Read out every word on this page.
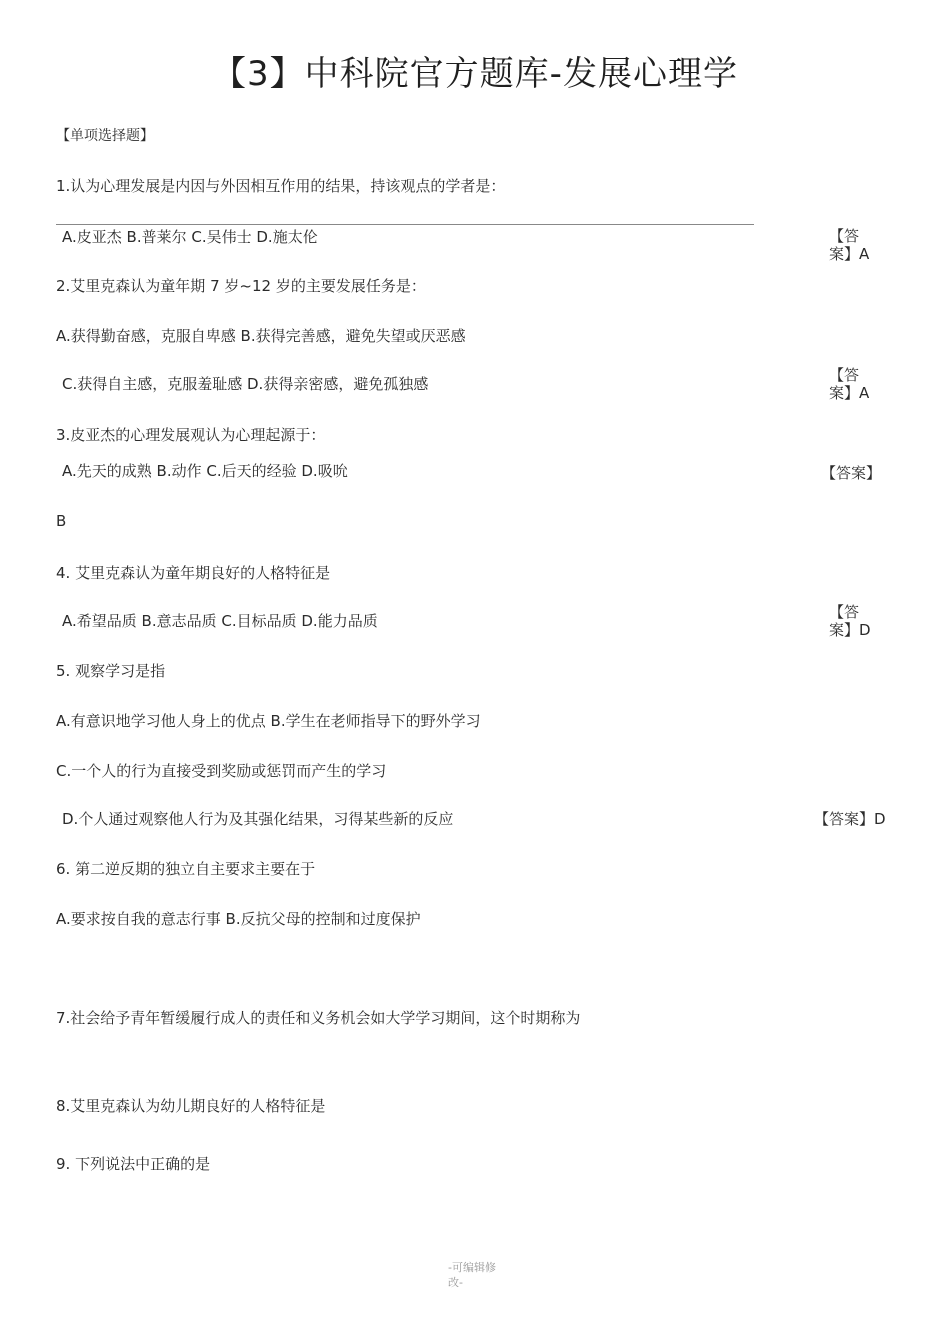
【3】中科院官方题库-发展心理学
【单项选择题】
1.认为心理发展是内因与外因相互作用的结果，持该观点的学者是：
A.皮亚杰 B.普莱尔 C.吴伟士 D.施太伦	【答
案】A
2.艾里克森认为童年期 7 岁~12 岁的主要发展任务是：
A.获得勤奋感，克服自卑感 B.获得完善感，避免失望或厌恶感
C.获得自主感，克服羞耻感 D.获得亲密感，避免孤独感	【答
案】A
3.皮亚杰的心理发展观认为心理起源于：
A.先天的成熟 B.动作 C.后天的经验 D.吸吮	【答案】
B
4. 艾里克森认为童年期良好的人格特征是
A.希望品质 B.意志品质 C.目标品质 D.能力品质	【答
案】D
5. 观察学习是指
A.有意识地学习他人身上的优点 B.学生在老师指导下的野外学习
C.一个人的行为直接受到奖励或惩罚而产生的学习
D.个人通过观察他人行为及其强化结果，习得某些新的反应	【答案】D
6. 第二逆反期的独立自主要求主要在于
A.要求按自我的意志行事 B.反抗父母的控制和过度保护
7.社会给予青年暂缓履行成人的责任和义务机会如大学学习期间，这个时期称为
8.艾里克森认为幼儿期良好的人格特征是
9. 下列说法中正确的是
-可编辑修改-
